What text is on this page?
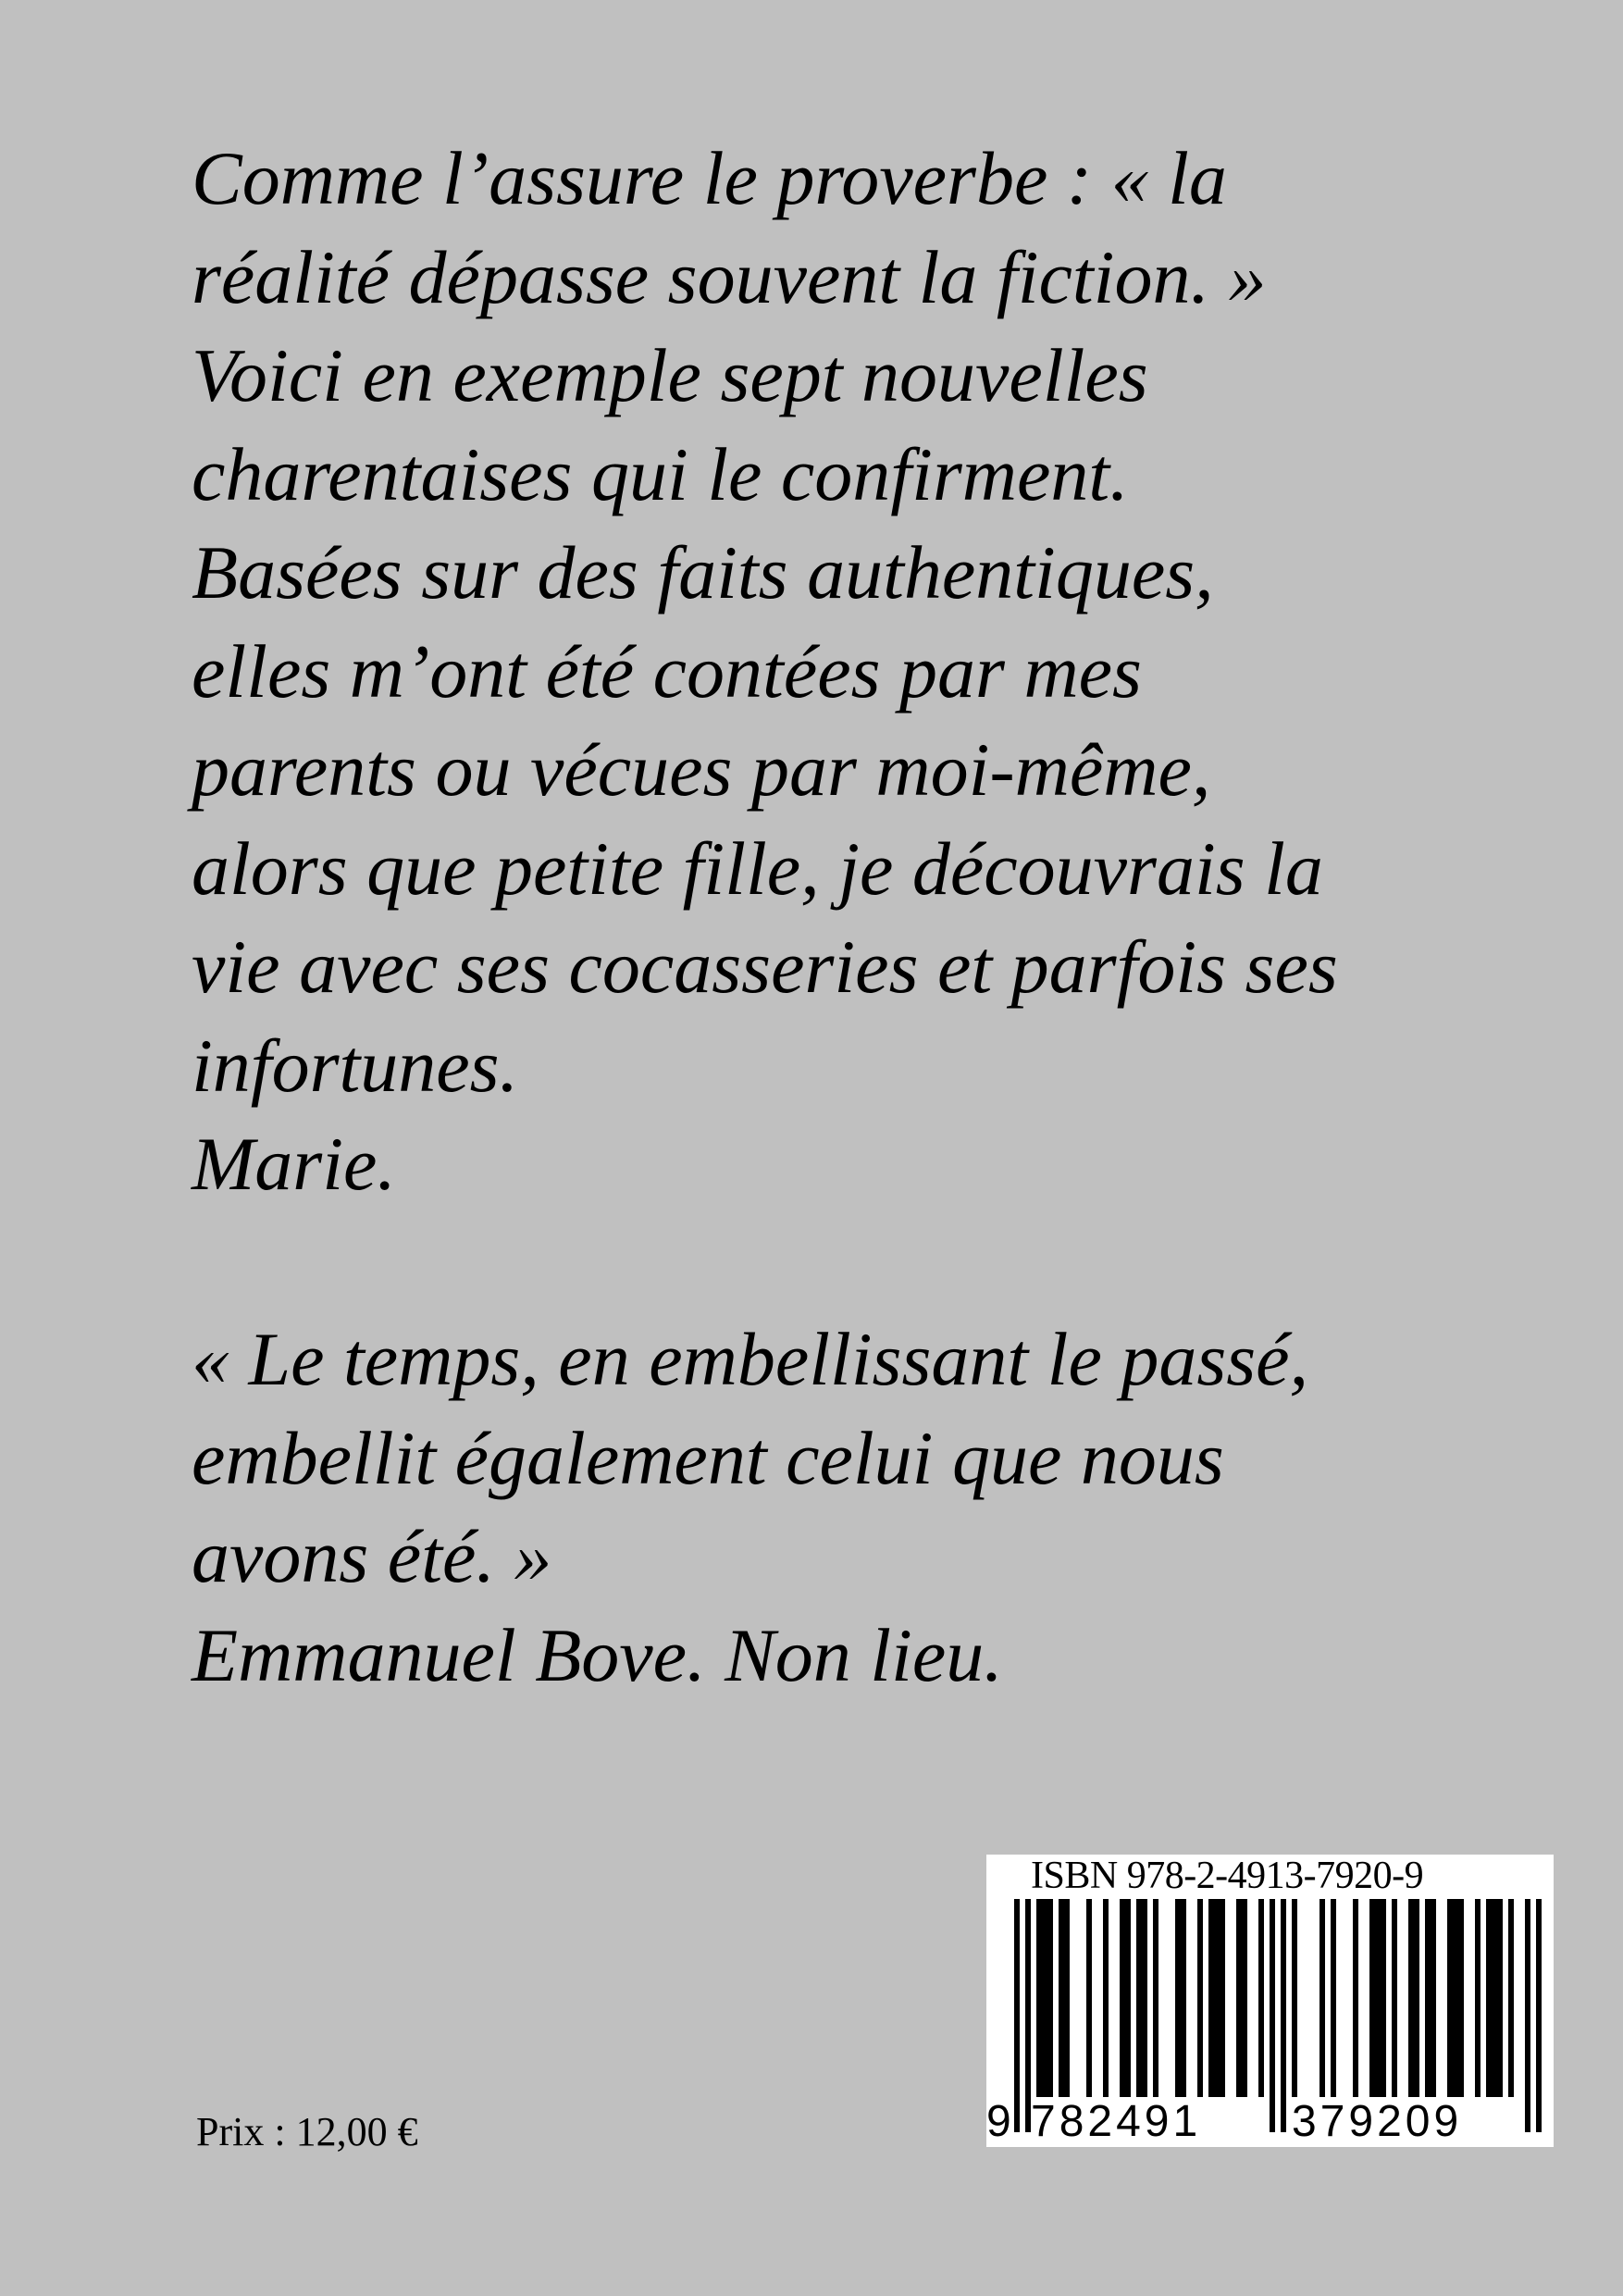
Comme l’assure le proverbe : « la
réalité dépasse souvent la fiction. »
Voici en exemple sept nouvelles
charentaises qui le confirment.
Basées sur des faits authentiques,
elles m’ont été contées par mes
parents ou vécues par moi-même,
alors que petite fille, je découvrais la
vie avec ses cocasseries et parfois ses
infortunes.
Marie.

« Le temps, en embellissant le passé,
embellit également celui que nous
avons été. »
Emmanuel Bove. Non lieu.

Prix : 12,00 €
ISBN 978-2-4913-7920-9
9 782491 379209
